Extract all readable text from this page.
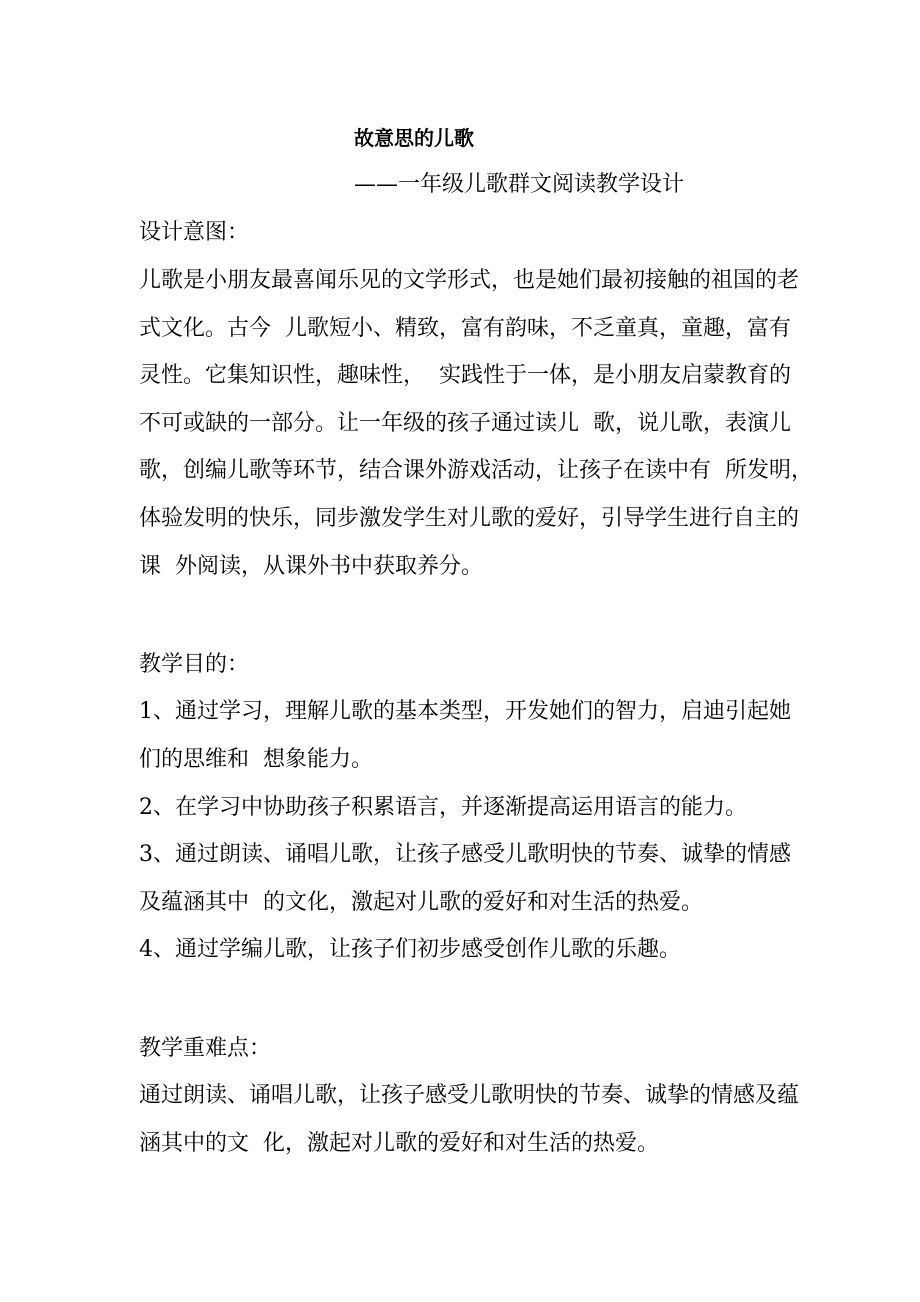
故意思的儿歌
——一年级儿歌群文阅读教学设计
设计意图：
儿歌是小朋友最喜闻乐见的文学形式，也是她们最初接触的祖国的老
式文化。古今  儿歌短小、精致，富有韵味，不乏童真，童趣，富有
灵性。它集知识性，趣味性，  实践性于一体，是小朋友启蒙教育的
不可或缺的一部分。让一年级的孩子通过读儿  歌，说儿歌，表演儿
歌，创编儿歌等环节，结合课外游戏活动，让孩子在读中有  所发明，
体验发明的快乐，同步激发学生对儿歌的爱好，引导学生进行自主的
课  外阅读，从课外书中获取养分。
教学目的：
1、通过学习，理解儿歌的基本类型，开发她们的智力，启迪引起她
们的思维和  想象能力。
2、在学习中协助孩子积累语言，并逐渐提高运用语言的能力。
3、通过朗读、诵唱儿歌，让孩子感受儿歌明快的节奏、诚挚的情感
及蕴涵其中  的文化，激起对儿歌的爱好和对生活的热爱。
4、通过学编儿歌，让孩子们初步感受创作儿歌的乐趣。
教学重难点：
通过朗读、诵唱儿歌，让孩子感受儿歌明快的节奏、诚挚的情感及蕴
涵其中的文  化，激起对儿歌的爱好和对生活的热爱。
